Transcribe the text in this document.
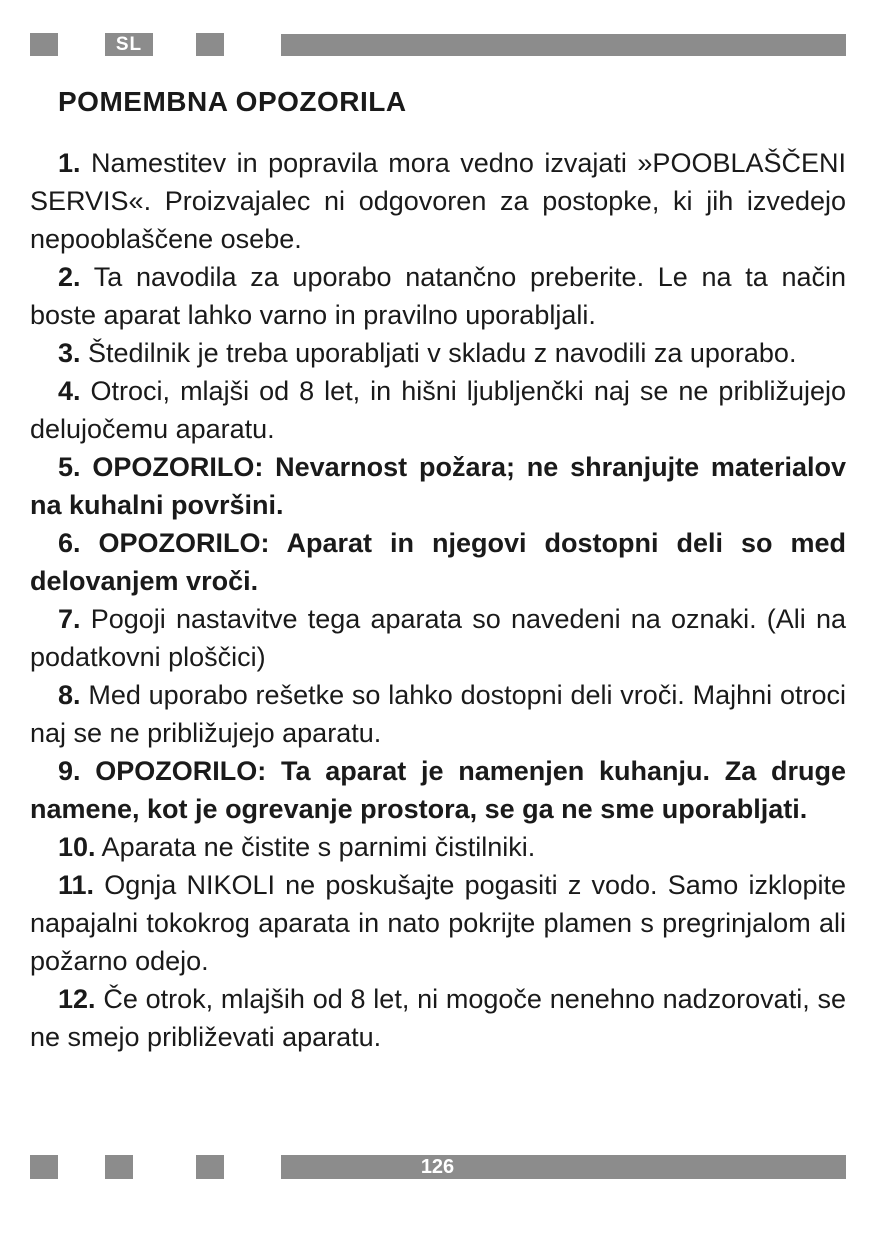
SL
POMEMBNA OPOZORILA

1. Namestitev in popravila mora vedno izvajati »POOBLAŠČENI SERVIS«. Proizvajalec ni odgovoren za postopke, ki jih izvedejo nepooblaščene osebe.

2. Ta navodila za uporabo natančno preberite. Le na ta način boste aparat lahko varno in pravilno uporabljali.

3. Štedilnik je treba uporabljati v skladu z navodili za uporabo.

4. Otroci, mlajši od 8 let, in hišni ljubljenčki naj se ne približujejo delujočemu aparatu.

5. OPOZORILO: Nevarnost požara; ne shranjujte materialov na kuhalni površini.

6. OPOZORILO: Aparat in njegovi dostopni deli so med delovanjem vroči.

7. Pogoji nastavitve tega aparata so navedeni na oznaki. (Ali na podatkovni ploščici)

8. Med uporabo rešetke so lahko dostopni deli vroči. Majhni otroci naj se ne približujejo aparatu.

9. OPOZORILO: Ta aparat je namenjen kuhanju. Za druge namene, kot je ogrevanje prostora, se ga ne sme uporabljati.

10. Aparata ne čistite s parnimi čistilniki.

11. Ognja NIKOLI ne poskušajte pogasiti z vodo. Samo izklopite napajalni tokokrog aparata in nato pokrijte plamen s pregrinjalom ali požarno odejo.

12. Če otrok, mlajših od 8 let, ni mogoče nenehno nadzorovati, se ne smejo približevati aparatu.

126
